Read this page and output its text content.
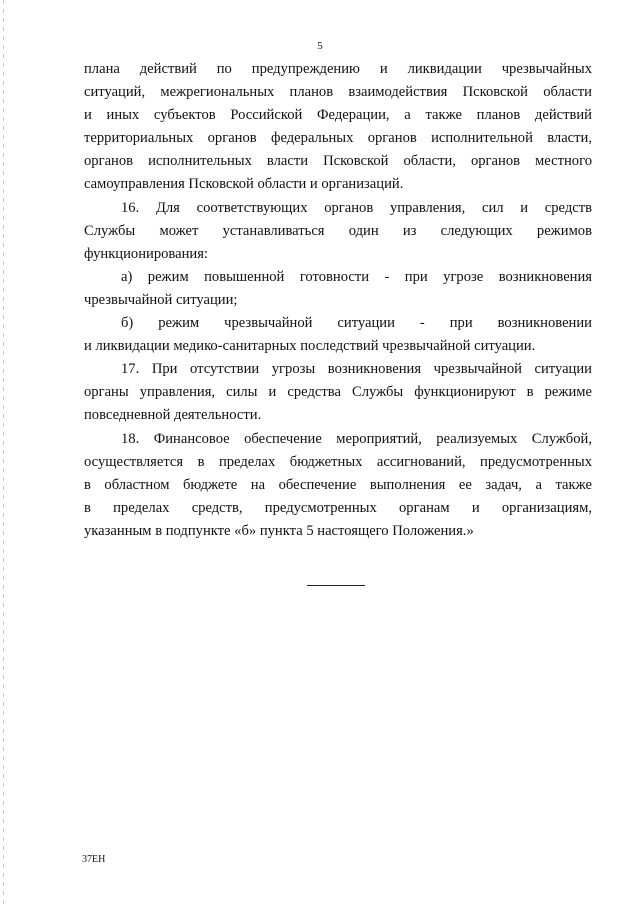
5

плана действий по предупреждению и ликвидации чрезвычайных
ситуаций, межрегиональных планов взаимодействия Псковской области
и иных субъектов Российской Федерации, а также планов действий
территориальных органов федеральных органов исполнительной власти,
органов исполнительных власти Псковской области, органов местного
самоуправления Псковской области и организаций.

16. Для соответствующих органов управления, сил и средств
Службы может устанавливаться один из следующих режимов
функционирования:

а) режим повышенной готовности - при угрозе возникновения
чрезвычайной ситуации;

б) режим чрезвычайной ситуации - при возникновении
и ликвидации медико-санитарных последствий чрезвычайной ситуации.

17. При отсутствии угрозы возникновения чрезвычайной ситуации
органы управления, силы и средства Службы функционируют в режиме
повседневной деятельности.

18. Финансовое обеспечение мероприятий, реализуемых Службой,
осуществляется в пределах бюджетных ассигнований, предусмотренных
в областном бюджете на обеспечение выполнения ее задач, а также
в пределах средств, предусмотренных органам и организациям,
указанным в подпункте «б» пункта 5 настоящего Положения.»

37ЕН
